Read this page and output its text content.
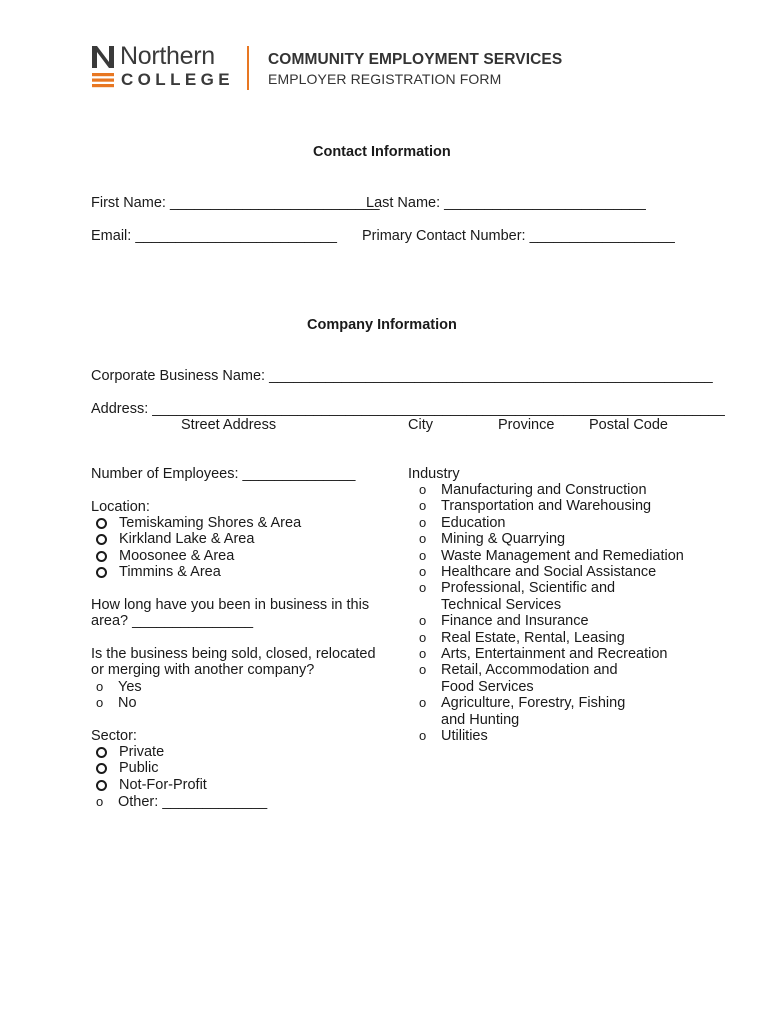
Northern
COLLEGE
COMMUNITY EMPLOYMENT SERVICES
EMPLOYER REGISTRATION FORM
Contact Information
First Name: __________________________
Last Name: _________________________
Email: _________________________ Primary Contact Number: __________________
Company Information
Corporate Business Name: _______________________________________________________
Address: _______________________________________________________________________
Street Address	City	Province Postal Code
Number of Employees: ______________
Location:
Temiskaming Shores & Area
Kirkland Lake & Area
Moosonee & Area
Timmins & Area
How long have you been in business in this
area? _______________
Is the business being sold, closed, relocated
or merging with another company?
o Yes
o No
Sector:
Private
Public
Not-For-Profit
o Other: _____________
Industry
o Manufacturing and Construction
o Transportation and Warehousing
o Education
o Mining & Quarrying
o Waste Management and Remediation
o Healthcare and Social Assistance
o Professional, Scientific and Technical Services
o Finance and Insurance
o Real Estate, Rental, Leasing
o Arts, Entertainment and Recreation
o Retail, Accommodation and Food Services
o Agriculture, Forestry, Fishing and Hunting
o Utilities
